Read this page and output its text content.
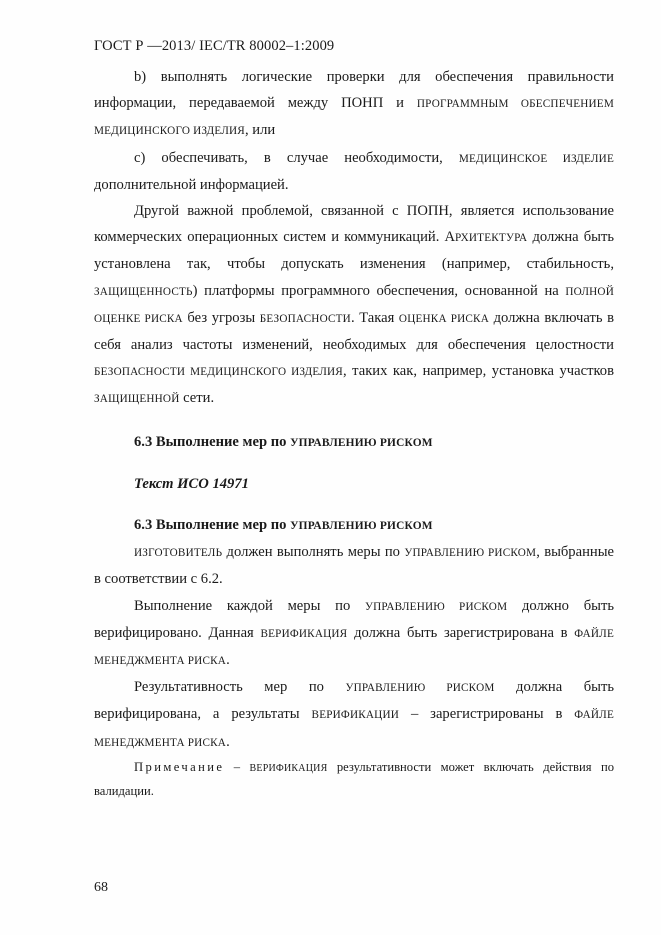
ГОСТ Р —2013/ IEC/TR 80002–1:2009

b) выполнять логические проверки для обеспечения правильности информации, передаваемой между ПОНП и ПРОГРАММНЫМ ОБЕСПЕЧЕНИЕМ МЕДИЦИНСКОГО ИЗДЕЛИЯ, или

c) обеспечивать, в случае необходимости, МЕДИЦИНСКОЕ ИЗДЕЛИЕ дополнительной информацией.

Другой важной проблемой, связанной с ПОПН, является использование коммерческих операционных систем и коммуникаций. АРХИТЕКТУРА должна быть установлена так, чтобы допускать изменения (например, стабильность, ЗАЩИЩЕННОСТЬ) платформы программного обеспечения, основанной на ПОЛНОЙ ОЦЕНКЕ РИСКА без угрозы БЕЗОПАСНОСТИ. Такая ОЦЕНКА РИСКА должна включать в себя анализ частоты изменений, необходимых для обеспечения целостности БЕЗОПАСНОСТИ МЕДИЦИНСКОГО ИЗДЕЛИЯ, таких как, например, установка участков ЗАЩИЩЕННОЙ сети.

6.3 Выполнение мер по УПРАВЛЕНИЮ РИСКОМ

Текст ИСО 14971

6.3 Выполнение мер по УПРАВЛЕНИЮ РИСКОМ

ИЗГОТОВИТЕЛЬ должен выполнять меры по УПРАВЛЕНИЮ РИСКОМ, выбранные в соответствии с 6.2.

Выполнение каждой меры по УПРАВЛЕНИЮ РИСКОМ должно быть верифицировано. Данная ВЕРИФИКАЦИЯ должна быть зарегистрирована в ФАЙЛЕ МЕНЕДЖМЕНТА РИСКА.

Результативность мер по УПРАВЛЕНИЮ РИСКОМ должна быть верифицирована, а результаты ВЕРИФИКАЦИИ – зарегистрированы в ФАЙЛЕ МЕНЕДЖМЕНТА РИСКА.

Примечание – ВЕРИФИКАЦИЯ результативности может включать действия по валидации.

68
